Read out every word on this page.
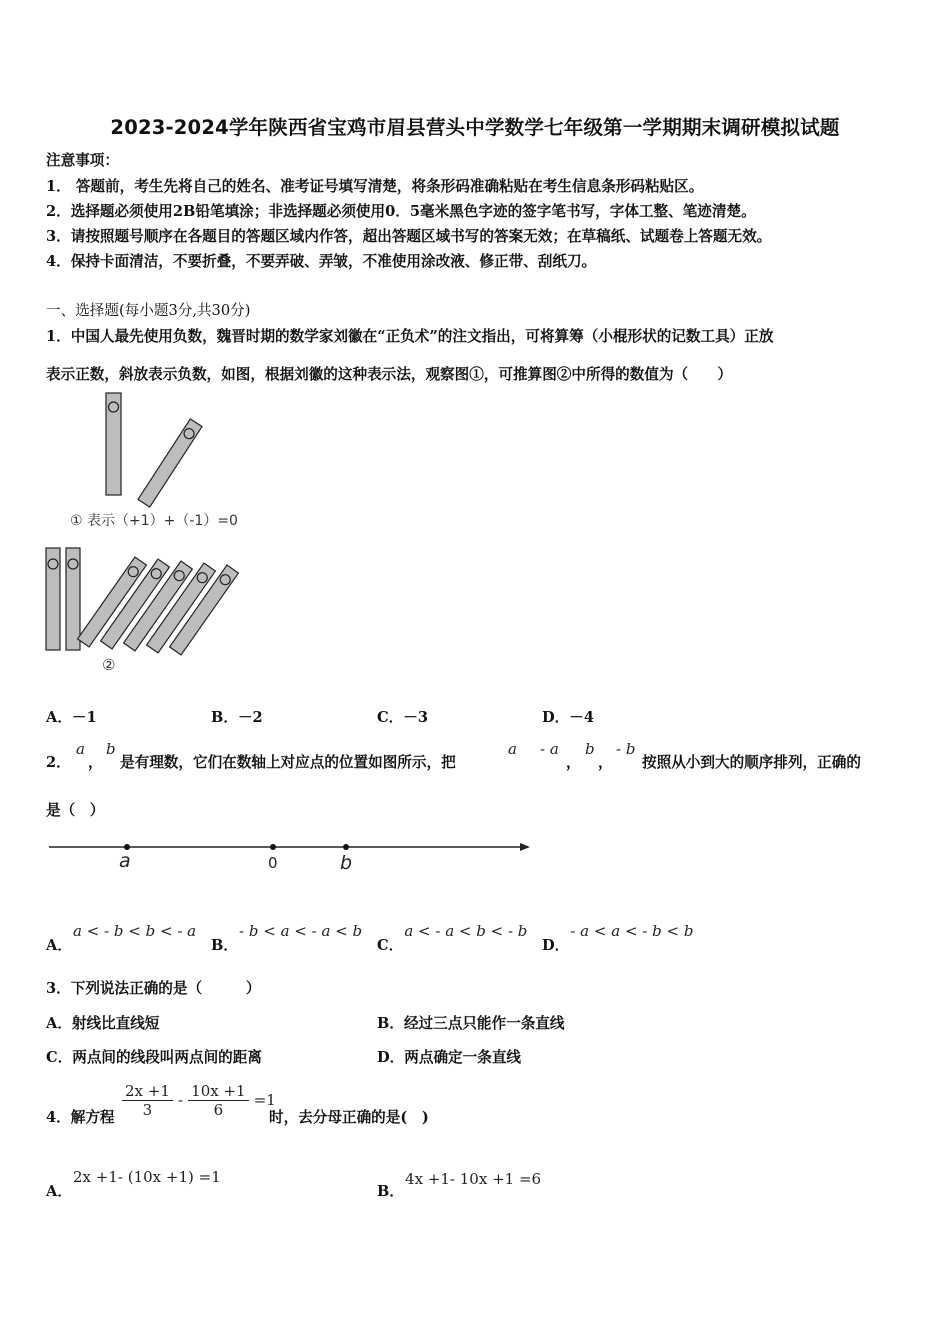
2023-2024学年陕西省宝鸡市眉县营头中学数学七年级第一学期期末调研模拟试题
注意事项：
1． 答题前，考生先将自己的姓名、准考证号填写清楚，将条形码准确粘贴在考生信息条形码粘贴区。
2．选择题必须使用2B铅笔填涂；非选择题必须使用0．5毫米黑色字迹的签字笔书写，字体工整、笔迹清楚。
3．请按照题号顺序在各题目的答题区域内作答，超出答题区域书写的答案无效；在草稿纸、试题卷上答题无效。
4．保持卡面清洁，不要折叠，不要弄破、弄皱，不准使用涂改液、修正带、刮纸刀。
一、选择题(每小题3分,共30分)
1．中国人最先使用负数，魏晋时期的数学家刘徽在“正负术”的注文指出，可将算筹（小棍形状的记数工具）正放
表示正数，斜放表示负数，如图，根据刘徽的这种表示法，观察图①，可推算图②中所得的数值为（　　）
① 表示（+1）+（-1）=0
②
A．－1	B．－2	C．－3	D．－4
2．
a
，
b
是有理数，它们在数轴上对应点的位置如图所示，把
a - a
，
b
，
- b
按照从小到大的顺序排列，正确的
是（　）
a	0	b
A． a < - b < b < - a
B． - b < a < - a < b
C． a < - a < b < - b
D． - a < a < - b < b
3．下列说法正确的是（　　　）
A．射线比直线短	B．经过三点只能作一条直线
C．两点间的线段叫两点间的距离	D．两点确定一条直线
4．解方程 $\frac{2x +1}{3} - \frac{10x +1}{6} =1$
时，去分母正确的是(　)
A． 2x +1- (10x +1) =1
B． 4x +1- 10x +1 =6
